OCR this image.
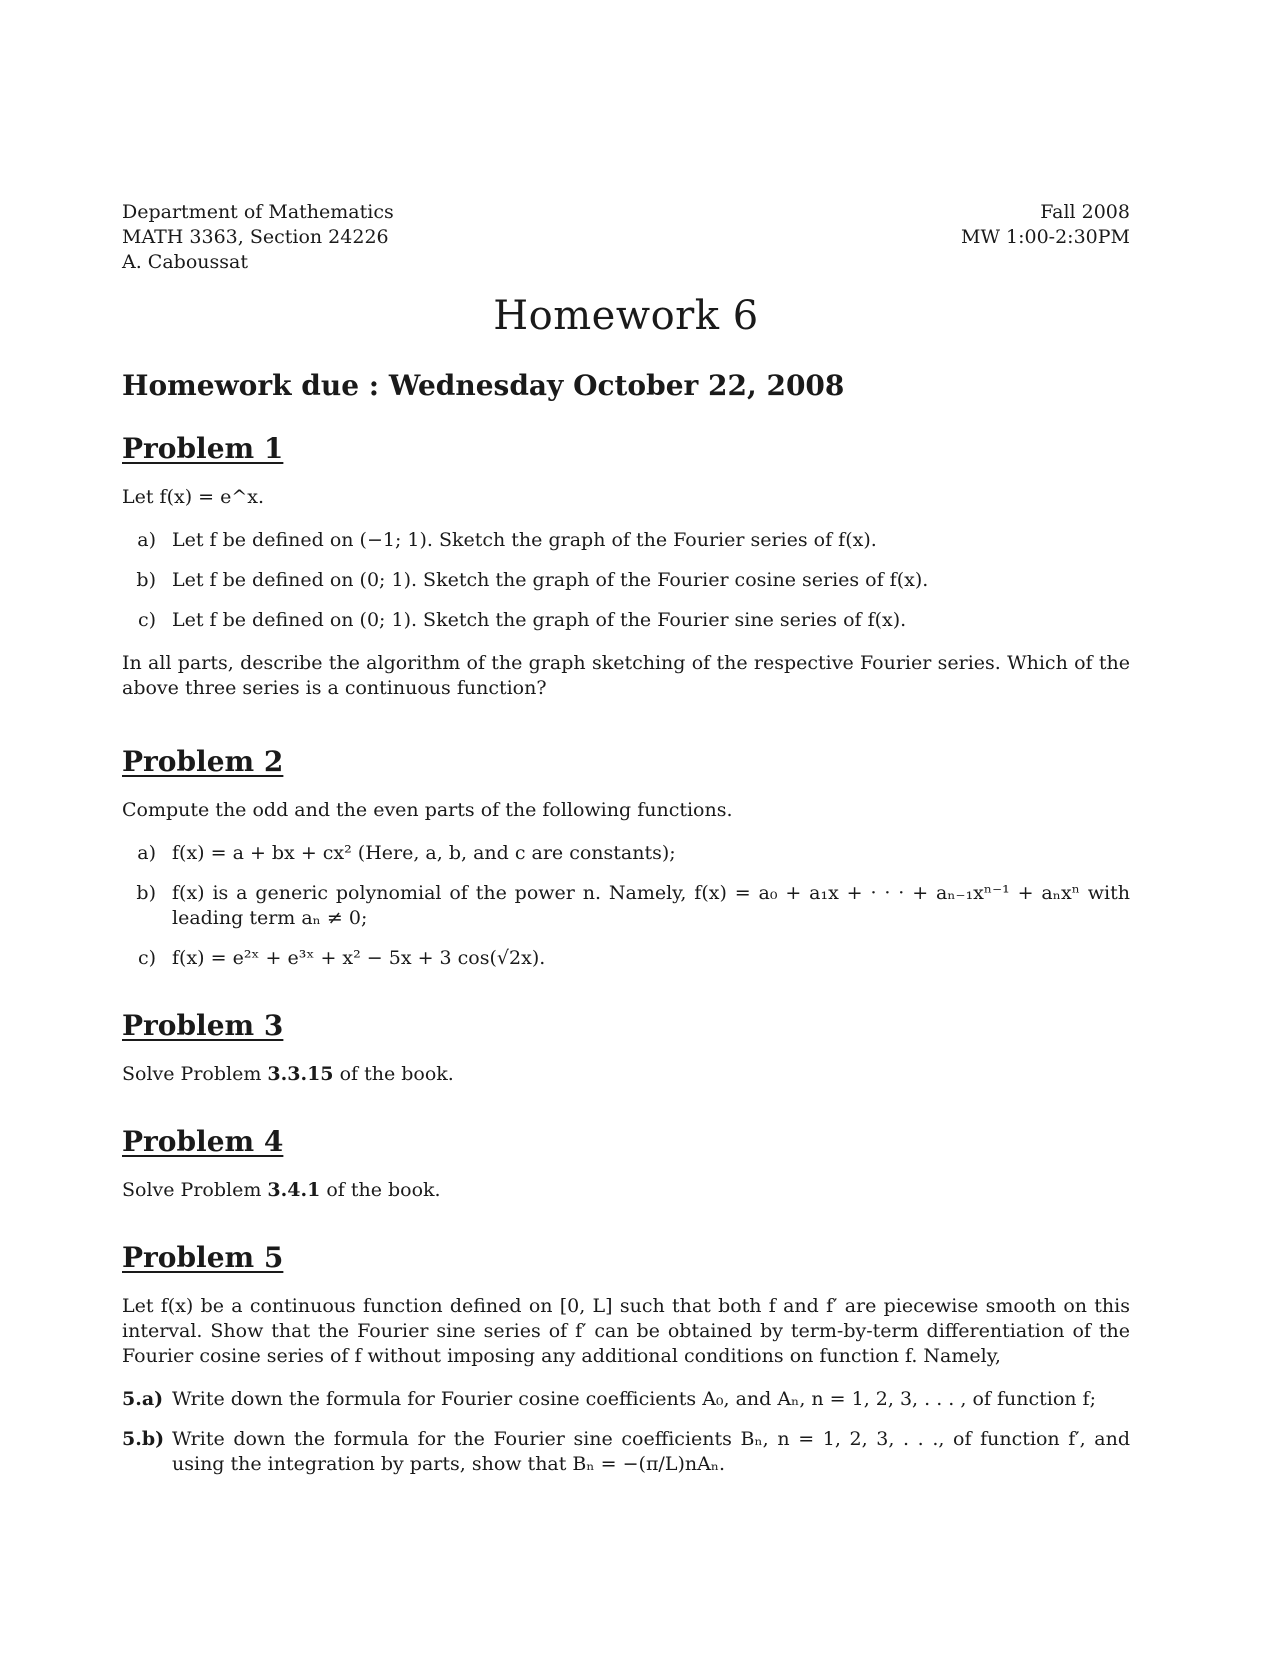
Department of Mathematics
MATH 3363, Section 24226
A. Caboussat
Fall 2008
MW 1:00-2:30PM
Homework 6
Homework due : Wednesday October 22, 2008
Problem 1

Let f(x) = e^x.

a) Let f be defined on (−1; 1). Sketch the graph of the Fourier series of f(x).
b) Let f be defined on (0; 1). Sketch the graph of the Fourier cosine series of f(x).
c) Let f be defined on (0; 1). Sketch the graph of the Fourier sine series of f(x).

In all parts, describe the algorithm of the graph sketching of the respective Fourier series. Which of the above three series is a continuous function?

Problem 2

Compute the odd and the even parts of the following functions.

a) f(x) = a + bx + cx² (Here, a, b, and c are constants);
b) f(x) is a generic polynomial of the power n. Namely, f(x) = a₀ + a₁x + · · · + aₙ₋₁xⁿ⁻¹ + aₙxⁿ with leading term aₙ ≠ 0;
c) f(x) = e²ˣ + e³ˣ + x² − 5x + 3 cos(√2x).
Problem 3

Solve Problem 3.3.15 of the book.

Problem 4

Solve Problem 3.4.1 of the book.

Problem 5

Let f(x) be a continuous function defined on [0, L] such that both f and f′ are piecewise smooth on this interval. Show that the Fourier sine series of f′ can be obtained by term-by-term differentiation of the Fourier cosine series of f without imposing any additional conditions on function f. Namely,

5.a) Write down the formula for Fourier cosine coefficients A₀, and Aₙ, n = 1, 2, 3, . . . , of function f;
5.b) Write down the formula for the Fourier sine coefficients Bₙ, n = 1, 2, 3, . . ., of function f′, and using the integration by parts, show that Bₙ = −(π/L)nAₙ.
